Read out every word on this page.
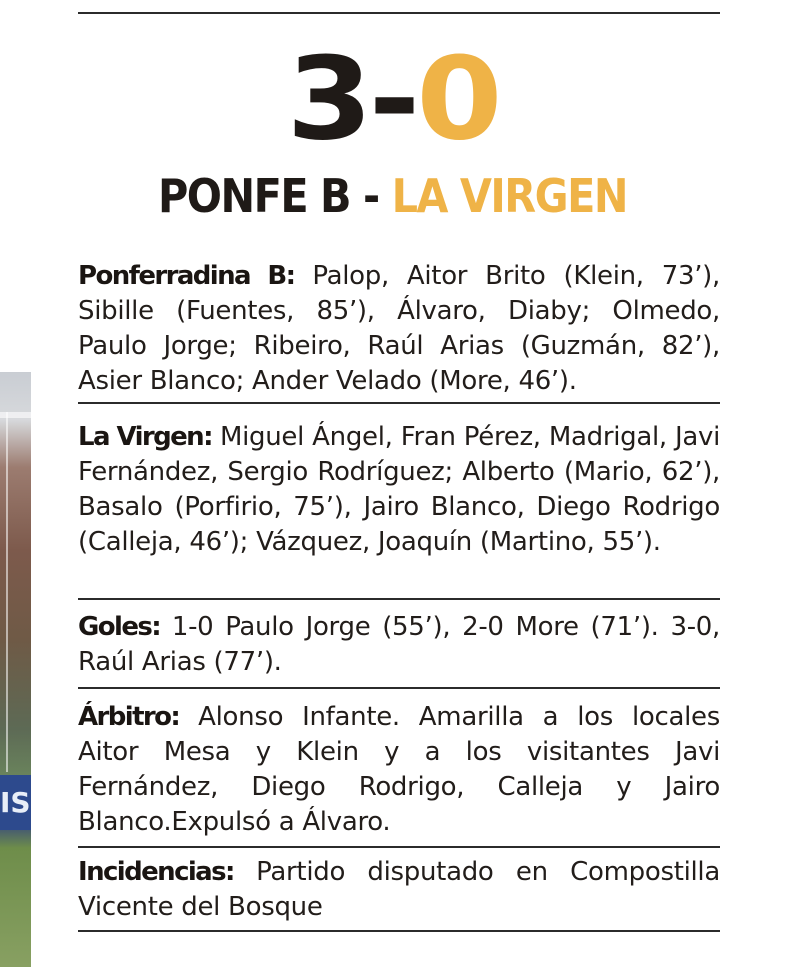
IS
3-0
PONFE B - LA VIRGEN
Ponferradina B: Palop, Aitor Brito (Klein, 73’), Sibille (Fuentes, 85’), Álvaro, Diaby; Olmedo, Paulo Jorge; Ribeiro, Raúl Arias (Guzmán, 82’), Asier Blanco; Ander Velado (More, 46’).
La Virgen: Miguel Ángel, Fran Pérez, Madrigal, Javi Fernández, Sergio Rodríguez; Alberto (Mario, 62’), Basalo (Porfirio, 75’), Jairo Blanco, Diego Rodrigo (Calleja, 46’); Vázquez, Joaquín (Martino, 55’).
Goles: 1-0 Paulo Jorge (55’), 2-0 More (71’). 3-0, Raúl Arias (77’).
Árbitro: Alonso Infante. Amarilla a los locales Aitor Mesa y Klein y a los visitantes Javi Fernández, Diego Rodrigo, Calleja y Jairo Blanco.Expulsó a Álvaro.
Incidencias: Partido disputado en Compostilla Vicente del Bosque
